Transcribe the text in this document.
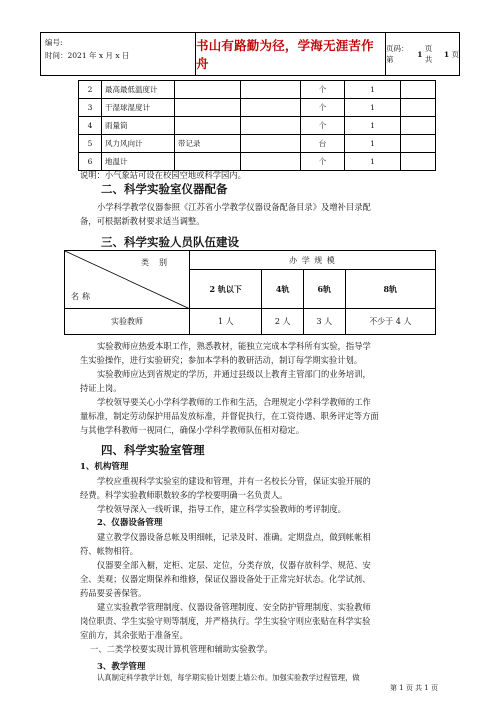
编号:
时间：2021 年 x 月 x 日
书山有路勤为径，学海无涯苦作舟
页码：第

1

页 共

1
页
2	最高最低温度计			个	1	
3	干湿球湿度计			个	1	
4	雨量筒			个	1	
5	风力风向计	带记录		台	1	
6	地温计			个	1	
说明：小气象站可设在校园空地或科学园内。
二、科学实验室仪器配备
小学科学教学仪器参照《江苏省小学教学仪器设备配备目录》及增补目录配
备，可根据新教材要求适当调整。
三、科学实验人员队伍建设
类别
名称	办 学 规 模			
	2 轨以下	4轨	6轨	8轨
实验教师	1 人	2 人	3 人	不少于 4 人
实验教师应热爱本职工作，熟悉教材，能独立完成本学科所有实验，指导学
生实验操作，进行实验研究；参加本学科的教研活动，制订每学期实验计划。
实验教师应达到省规定的学历，并通过县级以上教育主管部门的业务培训，
持证上岗。
学校领导要关心小学科学教师的工作和生活，合理规定小学科学教师的工作
量标准，制定劳动保护用品发放标准，并督促执行，在工资待遇、职务评定等方面
与其他学科教师一视同仁，确保小学科学教师队伍相对稳定。
四、科学实验室管理
1、机构管理
学校应重视科学实验室的建设和管理，并有一名校长分管，保证实验开展的
经费。科学实验教师职数较多的学校要明确一名负责人。
学校领导深入一线听课，指导工作，建立科学实验教师的考评制度。
2、仪器设备管理
建立教学仪器设备总帐及明细帐，记录及时、准确。定期盘点，做到帐帐相
符、帐物相符。
仪器要全部入橱，定柜、定层、定位，分类存放，仪器存放科学、规范、安
全、美观；仪器定期保养和维修，保证仪器设备处于正常完好状态。化学试剂、
药品要妥善保管。
建立实验教学管理制度、仪器设备管理制度、安全防护管理制度、实验教师
岗位职责、学生实验守则等制度，并严格执行。学生实验守则应张贴在科学实验
室前方，其余张贴于准备室。
一、二类学校要实现计算机管理和辅助实验教学。
3、教学管理
认真制定科学教学计划，每学期实验计划要上墙公布。加强实验教学过程管理，做
第 1 页 共 1 页
